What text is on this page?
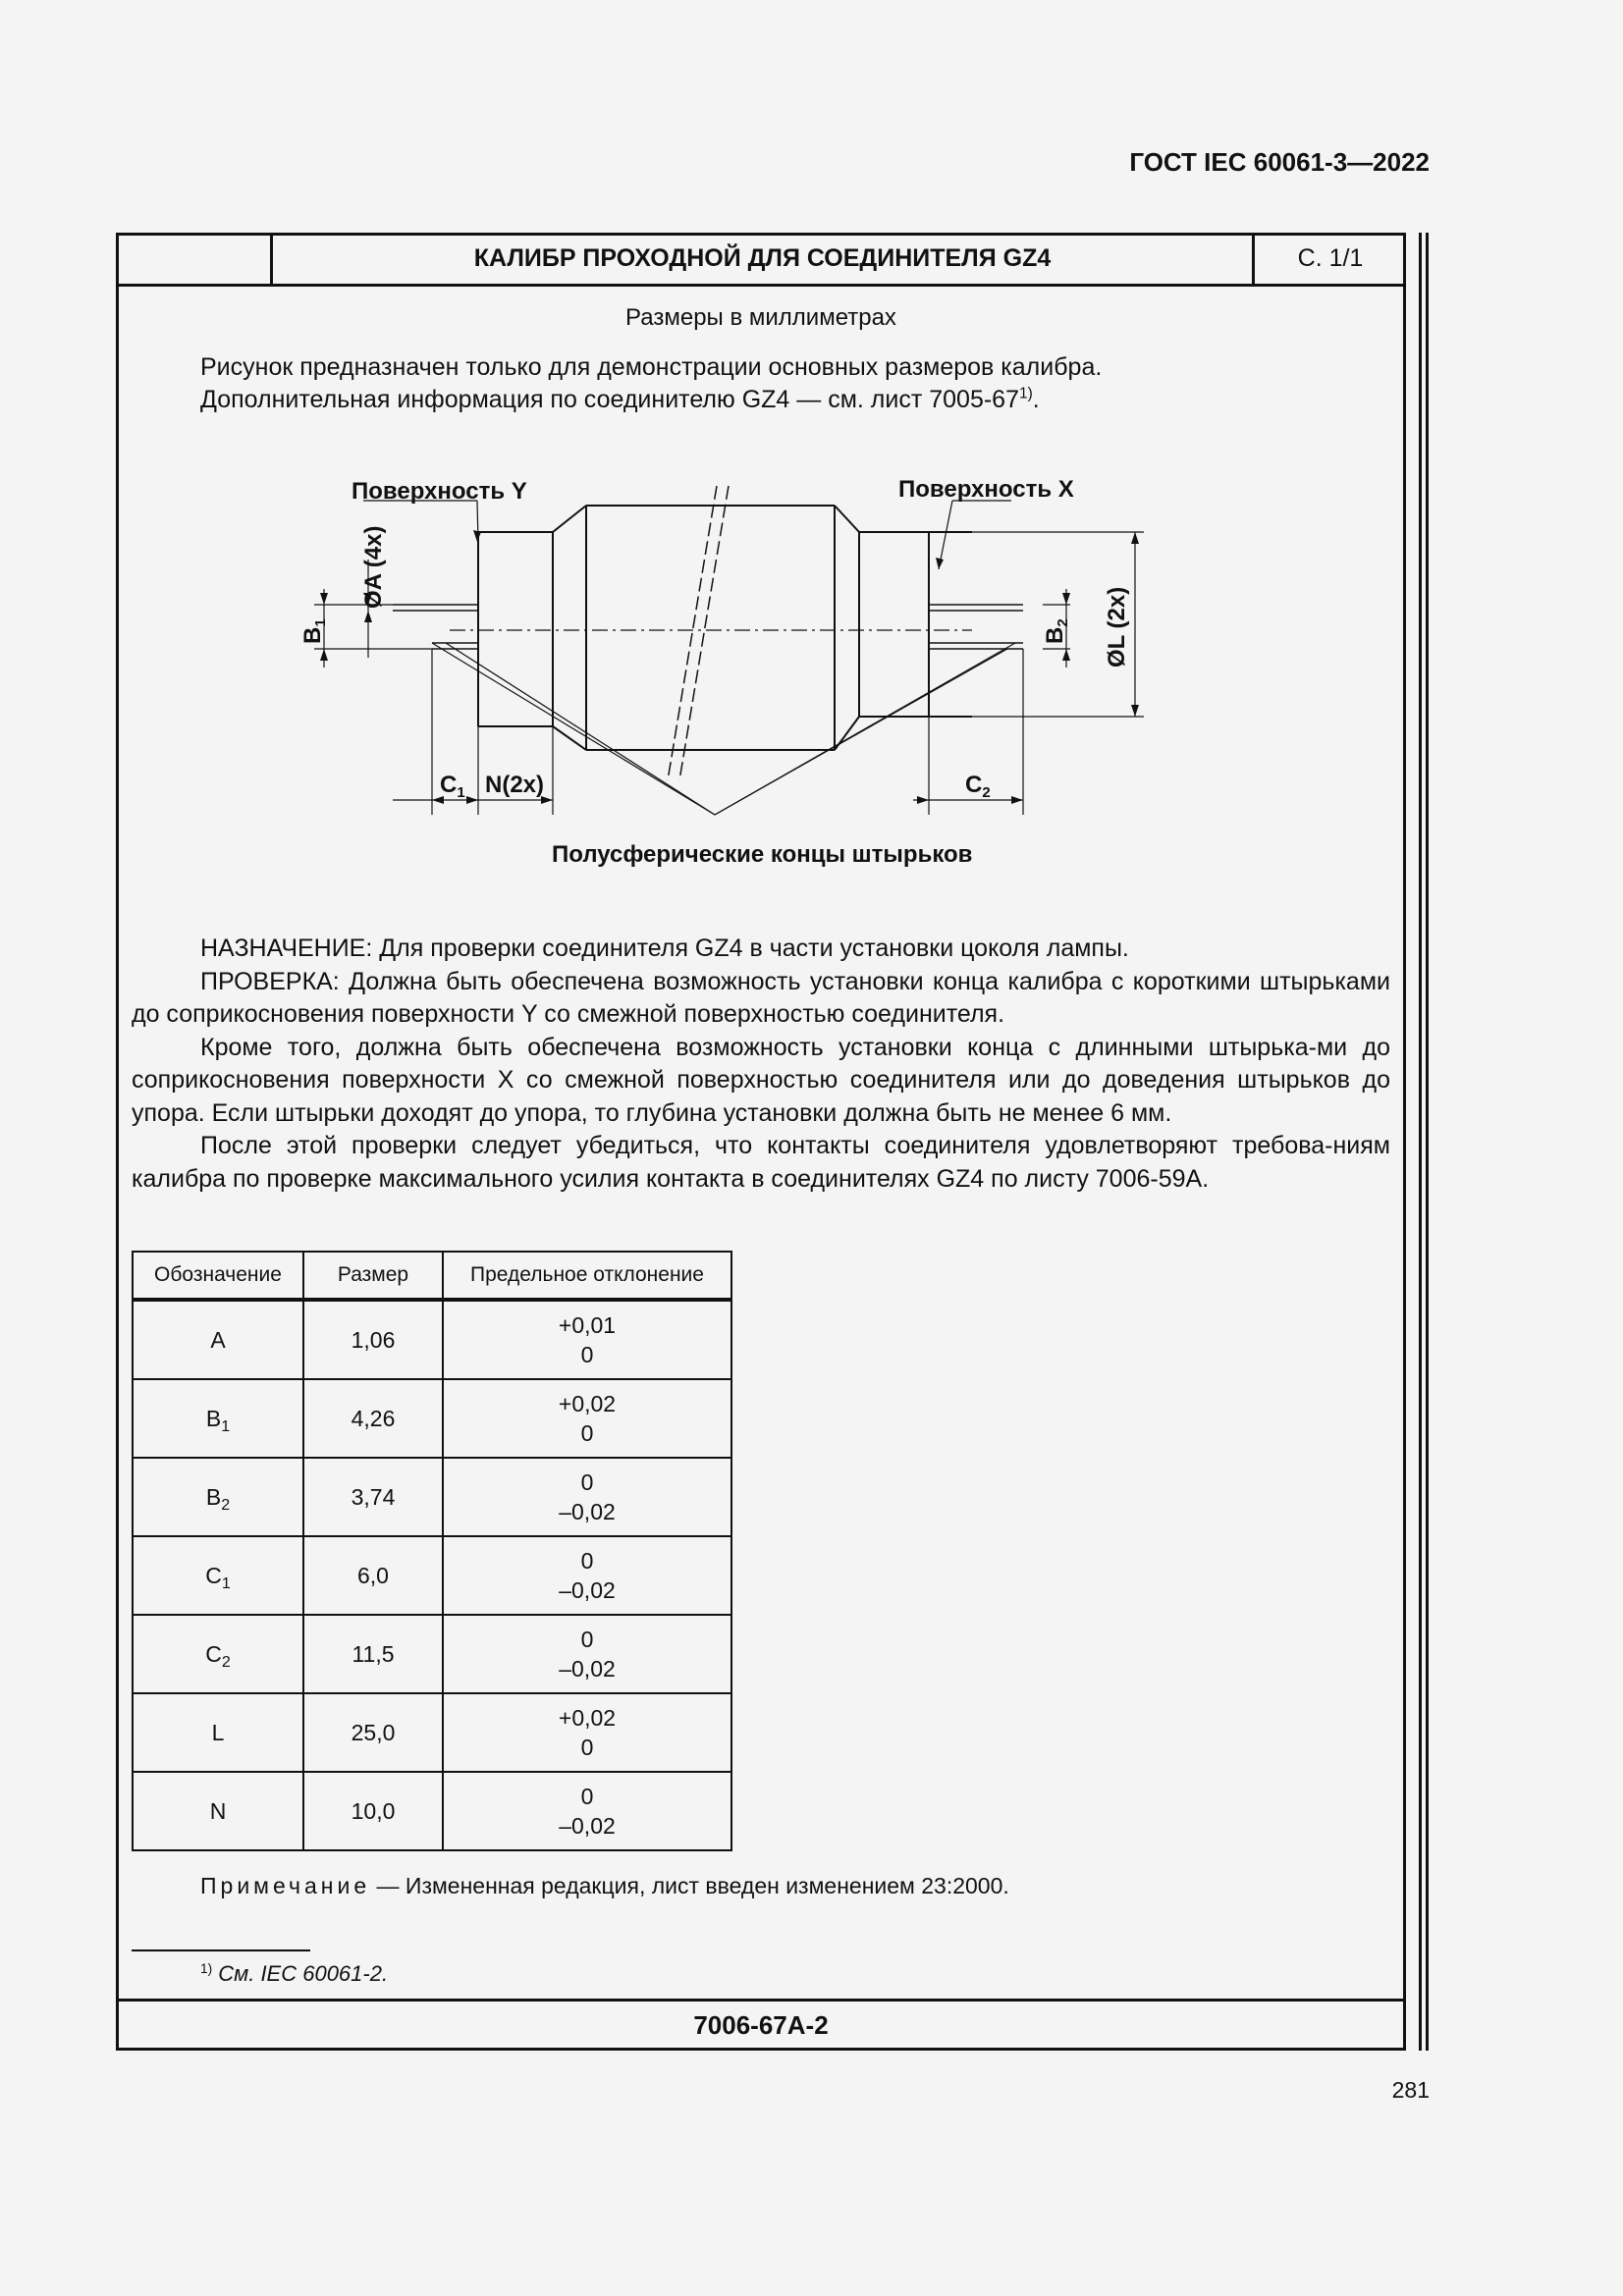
ГОСТ IEC 60061-3—2022
КАЛИБР ПРОХОДНОЙ ДЛЯ СОЕДИНИТЕЛЯ GZ4	С. 1/1
Размеры в миллиметрах
Рисунок предназначен только для демонстрации основных размеров калибра.
Дополнительная информация по соединителю GZ4 — см. лист 7005-67$^{1)}$.
Поверхность Y	Поверхность X
ØA (4x)
ØL (2x)
$B_1$
$B_2$
$C_1$ N(2x)	$C_2$
Полусферические концы штырьков

НАЗНАЧЕНИЕ: Для проверки соединителя GZ4 в части установки цоколя лампы.

ПРОВЕРКА: Должна быть обеспечена возможность установки конца калибра с короткими штырьками до соприкосновения поверхности Y со смежной поверхностью соединителя.

Кроме того, должна быть обеспечена возможность установки конца с длинными штырька-ми до соприкосновения поверхности X со смежной поверхностью соединителя или до доведения штырьков до упора. Если штырьки доходят до упора, то глубина установки должна быть не менее 6 мм.

После этой проверки следует убедиться, что контакты соединителя удовлетворяют требова-ниям калибра по проверке максимального усилия контакта в соединителях GZ4 по листу 7006-59A.

Обозначение	Размер	Предельное отклонение
A	1,06	+0,01
0

$B_1$	4,26	+0,02
0

$B_2$	3,74	0
–0,02

$C_1$	6,0	0
–0,02

$C_2$	11,5	0
–0,02

L	25,0	+0,02
0

N	10,0	0
–0,02
Примечание — Измененная редакция, лист введен изменением 23:2000.
$^{1)}$ См. IEC 60061-2.
7006-67A-2
281
